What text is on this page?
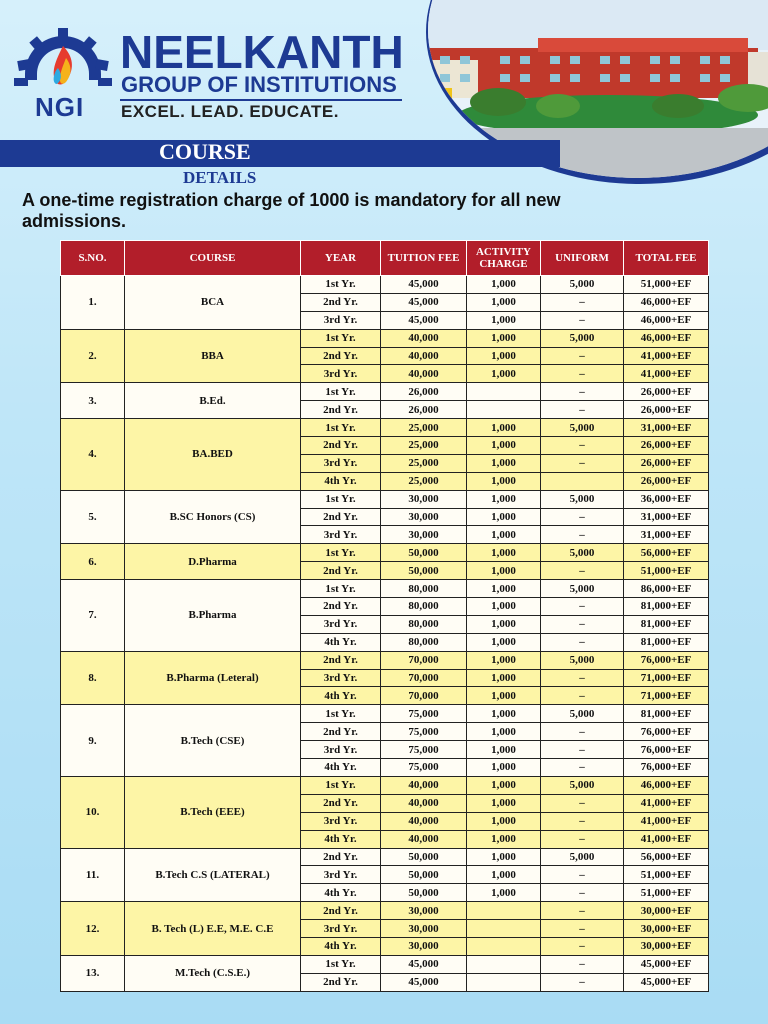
NGI
NEELKANTH
GROUP OF INSTITUTIONS
EXCEL. LEAD. EDUCATE.
COURSE
DETAILS
A one-time registration charge of 1000 is mandatory for all new admissions.
S.NO.	COURSE	YEAR	TUITION FEE	ACTIVITY CHARGE	UNIFORM	TOTAL FEE
1.	BCA	1st Yr.	45,000	1,000	5,000	51,000+EF
		2nd Yr.	45,000	1,000	–	46,000+EF
		3rd Yr.	45,000	1,000	–	46,000+EF
2.	BBA	1st Yr.	40,000	1,000	5,000	46,000+EF
		2nd Yr.	40,000	1,000	–	41,000+EF
		3rd Yr.	40,000	1,000	–	41,000+EF
3.	B.Ed.	1st Yr.	26,000		–	26,000+EF
		2nd Yr.	26,000		–	26,000+EF
4.	BA.BED	1st Yr.	25,000	1,000	5,000	31,000+EF
		2nd Yr.	25,000	1,000	–	26,000+EF
		3rd Yr.	25,000	1,000	–	26,000+EF
		4th Yr.	25,000	1,000		26,000+EF
5.	B.SC Honors (CS)	1st Yr.	30,000	1,000	5,000	36,000+EF
		2nd Yr.	30,000	1,000	–	31,000+EF
		3rd Yr.	30,000	1,000	–	31,000+EF
6.	D.Pharma	1st Yr.	50,000	1,000	5,000	56,000+EF
		2nd Yr.	50,000	1,000	–	51,000+EF
7.	B.Pharma	1st Yr.	80,000	1,000	5,000	86,000+EF
		2nd Yr.	80,000	1,000	–	81,000+EF
		3rd Yr.	80,000	1,000	–	81,000+EF
		4th Yr.	80,000	1,000	–	81,000+EF
8.	B.Pharma (Leteral)	2nd Yr.	70,000	1,000	5,000	76,000+EF
		3rd Yr.	70,000	1,000	–	71,000+EF
		4th Yr.	70,000	1,000	–	71,000+EF
9.	B.Tech (CSE)	1st Yr.	75,000	1,000	5,000	81,000+EF
		2nd Yr.	75,000	1,000	–	76,000+EF
		3rd Yr.	75,000	1,000	–	76,000+EF
		4th Yr.	75,000	1,000	–	76,000+EF
10.	B.Tech (EEE)	1st Yr.	40,000	1,000	5,000	46,000+EF
		2nd Yr.	40,000	1,000	–	41,000+EF
		3rd Yr.	40,000	1,000	–	41,000+EF
		4th Yr.	40,000	1,000	–	41,000+EF
11.	B.Tech C.S (LATERAL)	2nd Yr.	50,000	1,000	5,000	56,000+EF
		3rd Yr.	50,000	1,000	–	51,000+EF
		4th Yr.	50,000	1,000	–	51,000+EF
12.	B. Tech (L) E.E, M.E. C.E	2nd Yr.	30,000		–	30,000+EF
		3rd Yr.	30,000		–	30,000+EF
		4th Yr.	30,000		–	30,000+EF
13.	M.Tech (C.S.E.)	1st Yr.	45,000		–	45,000+EF
		2nd Yr.	45,000		–	45,000+EF
